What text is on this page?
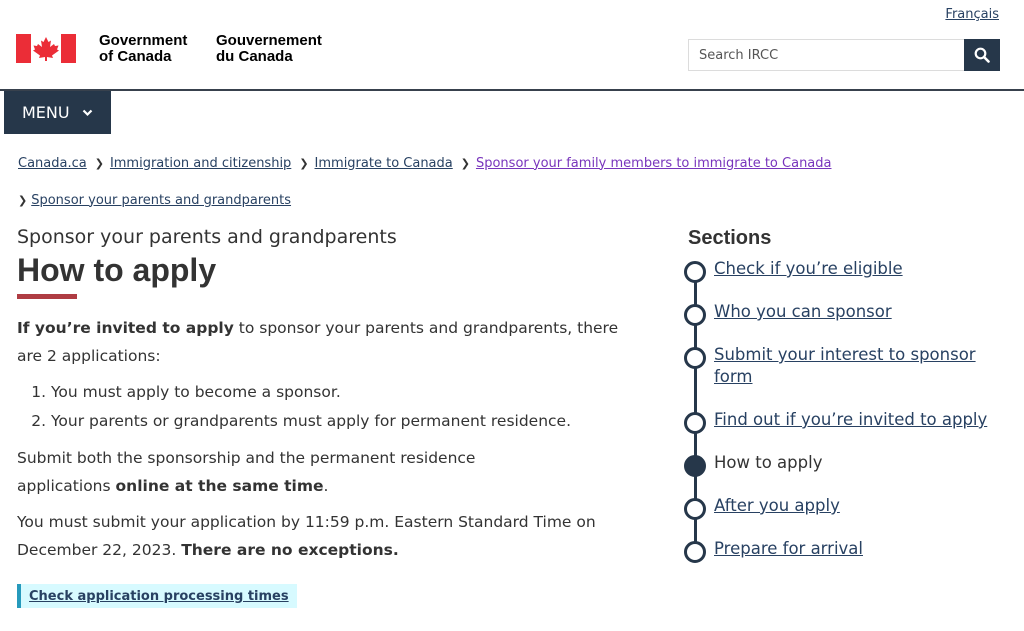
Français
Government
of Canada
Gouvernement
du Canada
Search IRCC
MENU
Canada.ca ❯ Immigration and citizenship ❯ Immigrate to Canada ❯ Sponsor your family members to immigrate to Canada
❯ Sponsor your parents and grandparents
Sponsor your parents and grandparents
How to apply

If you’re invited to apply to sponsor your parents and grandparents, there are 2 applications:

1. You must apply to become a sponsor.
2. Your parents or grandparents must apply for permanent residence.

Submit both the sponsorship and the permanent residence applications online at the same time.

You must submit your application by 11:59 p.m. Eastern Standard Time on December 22, 2023. There are no exceptions.

Check application processing times
Sections
Check if you’re eligible
Who you can sponsor
Submit your interest to sponsor form
Find out if you’re invited to apply
How to apply
After you apply
Prepare for arrival
